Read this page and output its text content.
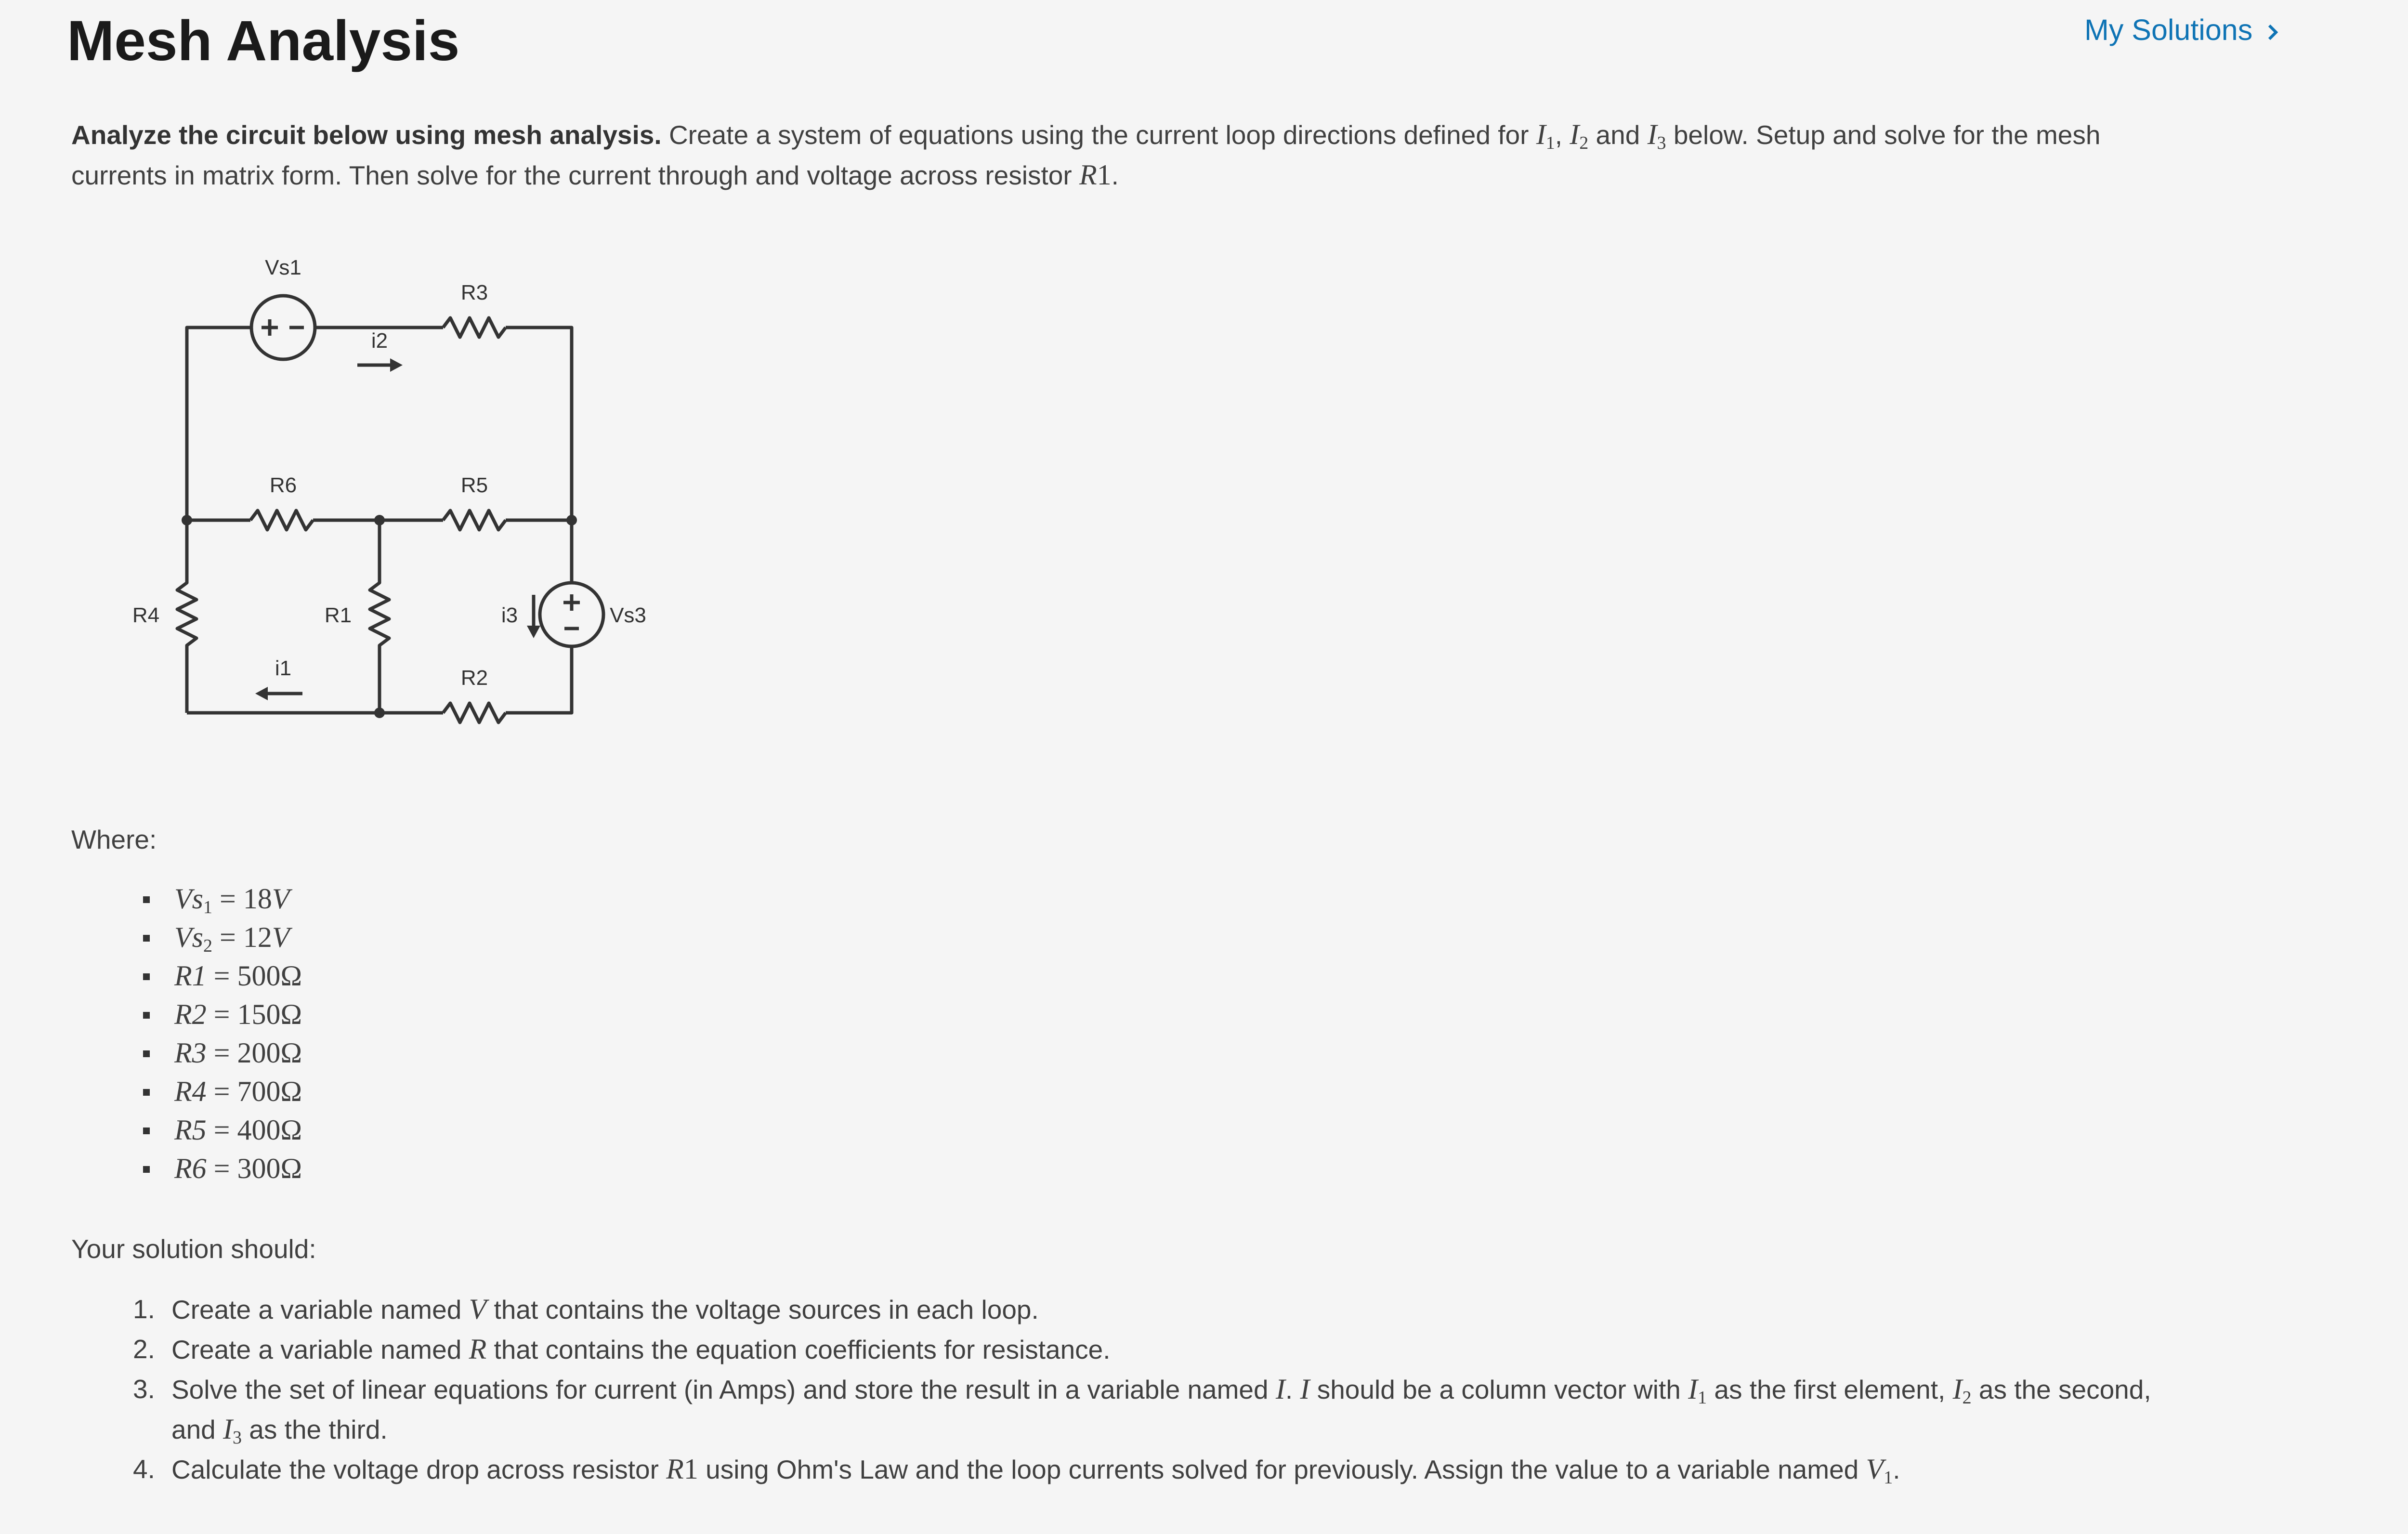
Mesh Analysis	My Solutions

Analyze the circuit below using mesh analysis. Create a system of equations using the current loop directions defined for $I_1$, $I_2$ and $I_3$ below. Setup and solve for the mesh currents in matrix form. Then solve for the current through and voltage across resistor R1.

Vs1
R3
i2
R6	R5
R4	R1	i3	Vs3
i1	R2

Where:

$Vs_1 = 18V$
$Vs_2 = 12V$
R1 = 500Ω
R2 = 150Ω
R3 = 200Ω
R4 = 700Ω
R5 = 400Ω
R6 = 300Ω

Your solution should:

1. Create a variable named V that contains the voltage sources in each loop.
2. Create a variable named R that contains the equation coefficients for resistance.
3. Solve the set of linear equations for current (in Amps) and store the result in a variable named I. I should be a column vector with $I_1$ as the first element, $I_2$ as the second, and $I_3$ as the third.
4. Calculate the voltage drop across resistor R1 using Ohm's Law and the loop currents solved for previously. Assign the value to a variable named $V_1$.
